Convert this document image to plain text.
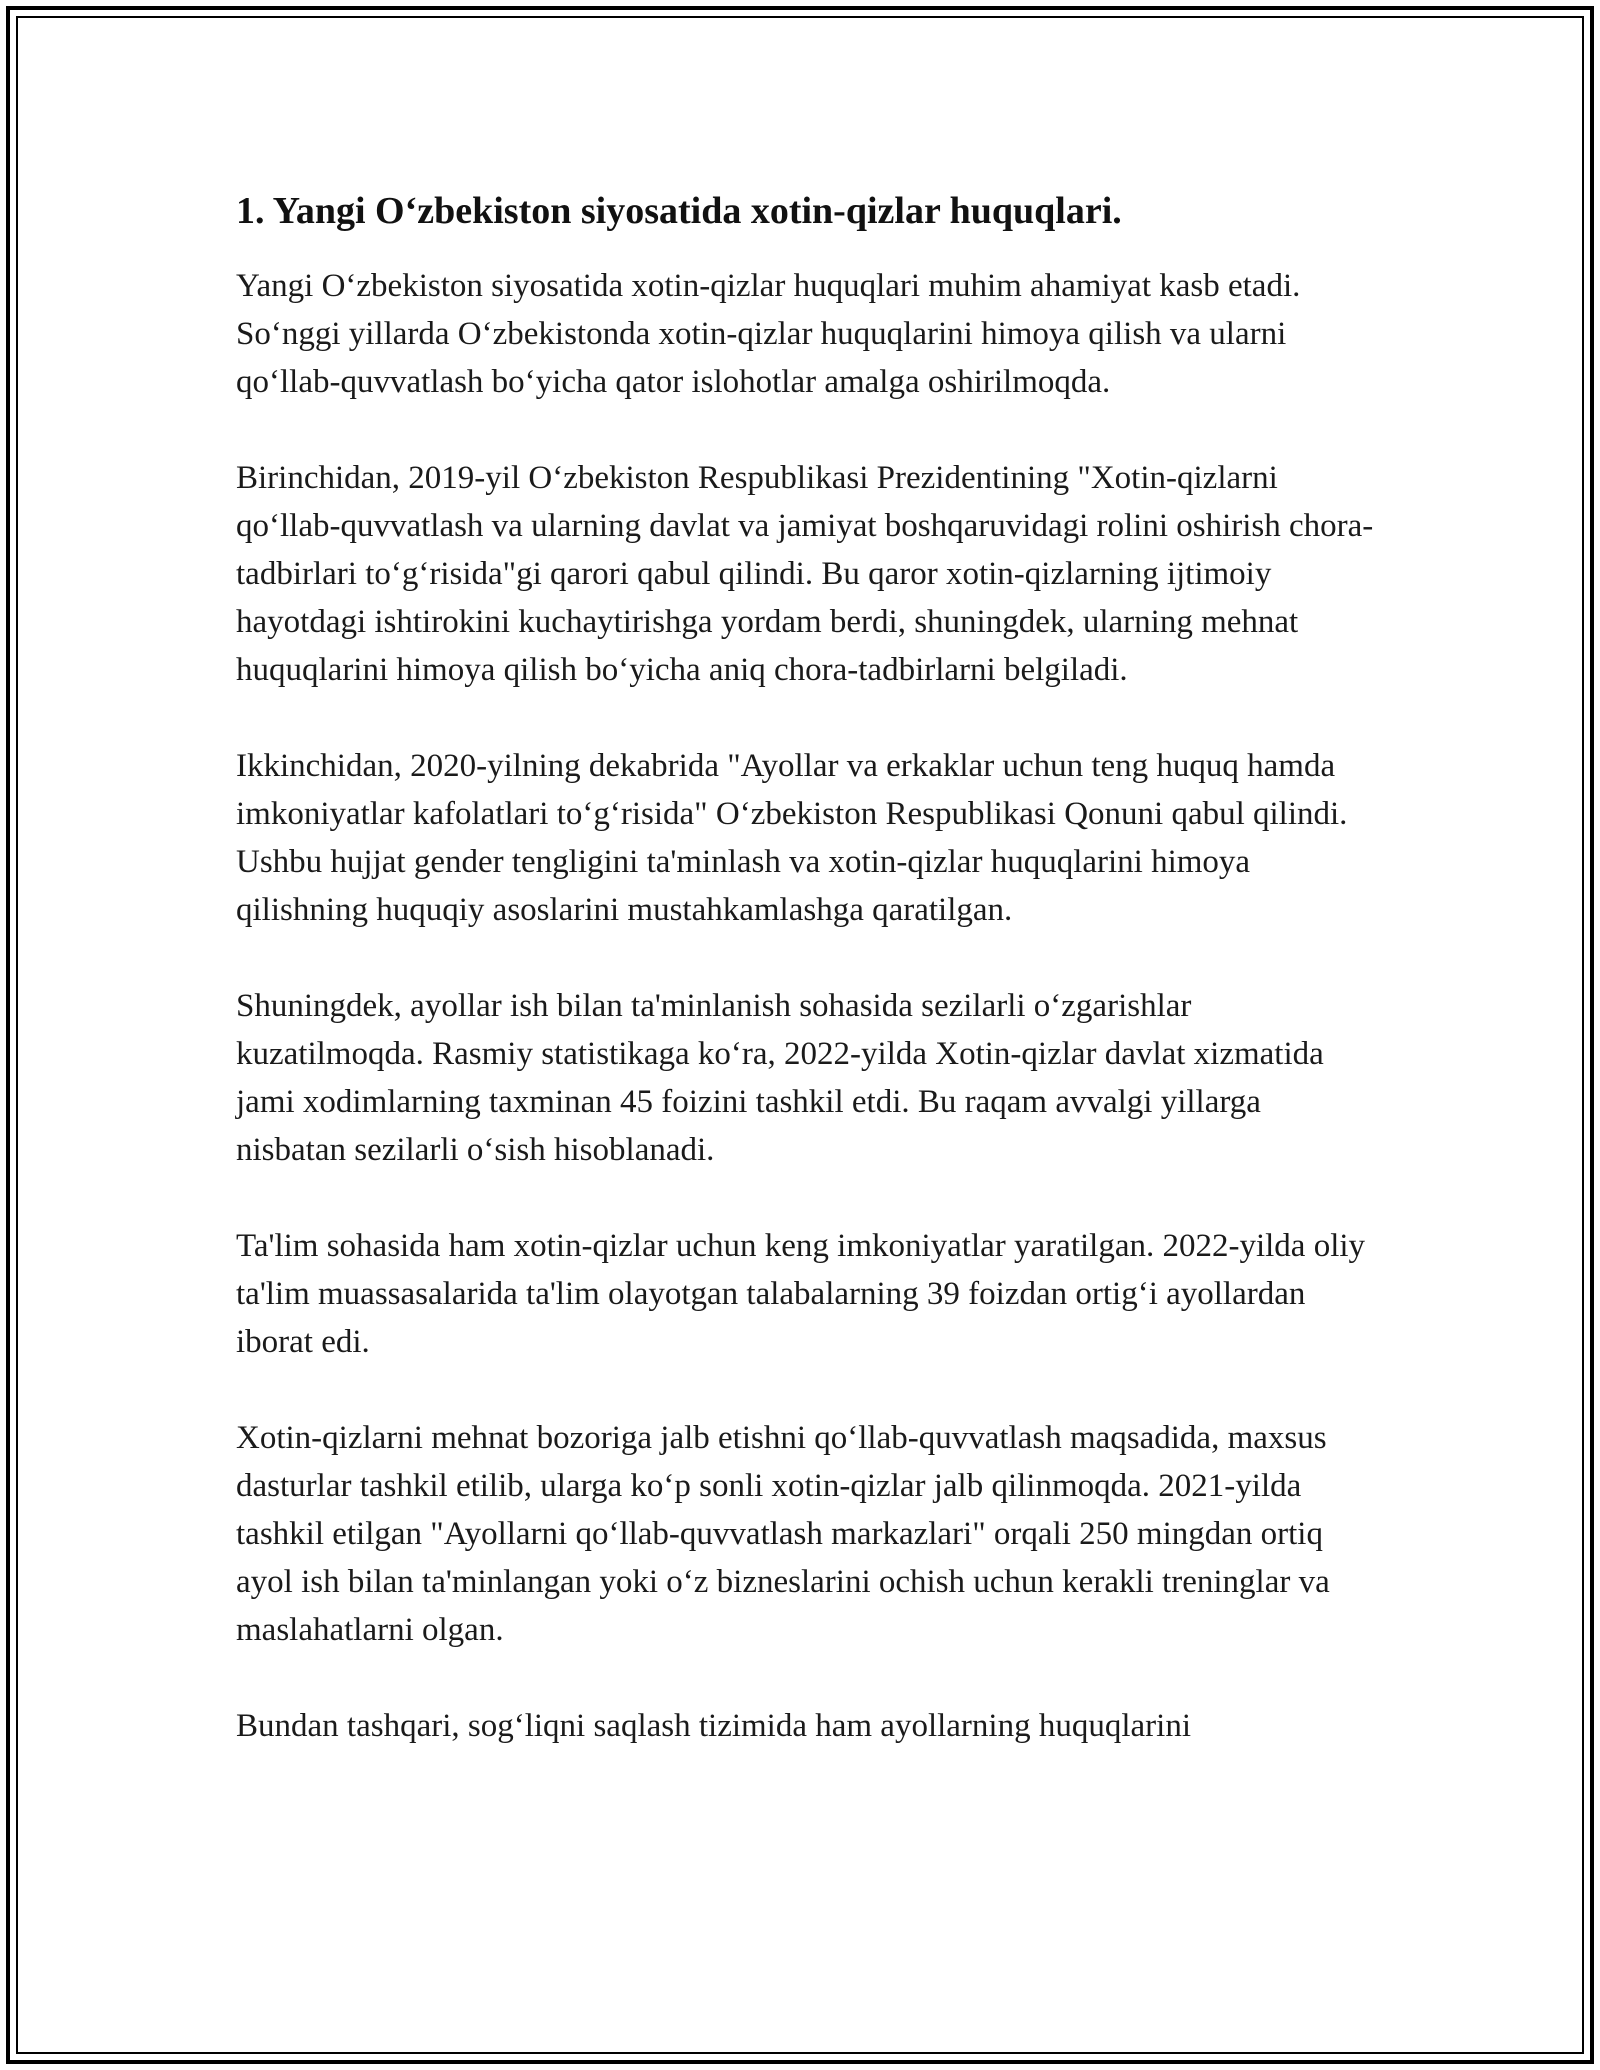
1. Yangi O‘zbekiston siyosatida xotin-qizlar huquqlari.

Yangi O‘zbekiston siyosatida xotin-qizlar huquqlari muhim ahamiyat kasb etadi. So‘nggi yillarda O‘zbekistonda xotin-qizlar huquqlarini himoya qilish va ularni qo‘llab-quvvatlash bo‘yicha qator islohotlar amalga oshirilmoqda.

Birinchidan, 2019-yil O‘zbekiston Respublikasi Prezidentining "Xotin-qizlarni qo‘llab-quvvatlash va ularning davlat va jamiyat boshqaruvidagi rolini oshirish chora-tadbirlari to‘g‘risida"gi qarori qabul qilindi. Bu qaror xotin-qizlarning ijtimoiy hayotdagi ishtirokini kuchaytirishga yordam berdi, shuningdek, ularning mehnat huquqlarini himoya qilish bo‘yicha aniq chora-tadbirlarni belgiladi.

Ikkinchidan, 2020-yilning dekabrida "Ayollar va erkaklar uchun teng huquq hamda imkoniyatlar kafolatlari to‘g‘risida" O‘zbekiston Respublikasi Qonuni qabul qilindi. Ushbu hujjat gender tengligini ta'minlash va xotin-qizlar huquqlarini himoya qilishning huquqiy asoslarini mustahkamlashga qaratilgan.

Shuningdek, ayollar ish bilan ta'minlanish sohasida sezilarli o‘zgarishlar kuzatilmoqda. Rasmiy statistikaga ko‘ra, 2022-yilda Xotin-qizlar davlat xizmatida jami xodimlarning taxminan 45 foizini tashkil etdi. Bu raqam avvalgi yillarga nisbatan sezilarli o‘sish hisoblanadi.

Ta'lim sohasida ham xotin-qizlar uchun keng imkoniyatlar yaratilgan. 2022-yilda oliy ta'lim muassasalarida ta'lim olayotgan talabalarning 39 foizdan ortig‘i ayollardan iborat edi.

Xotin-qizlarni mehnat bozoriga jalb etishni qo‘llab-quvvatlash maqsadida, maxsus dasturlar tashkil etilib, ularga ko‘p sonli xotin-qizlar jalb qilinmoqda. 2021-yilda tashkil etilgan "Ayollarni qo‘llab-quvvatlash markazlari" orqali 250 mingdan ortiq ayol ish bilan ta'minlangan yoki o‘z bizneslarini ochish uchun kerakli treninglar va maslahatlarni olgan.

Bundan tashqari, sog‘liqni saqlash tizimida ham ayollarning huquqlarini
